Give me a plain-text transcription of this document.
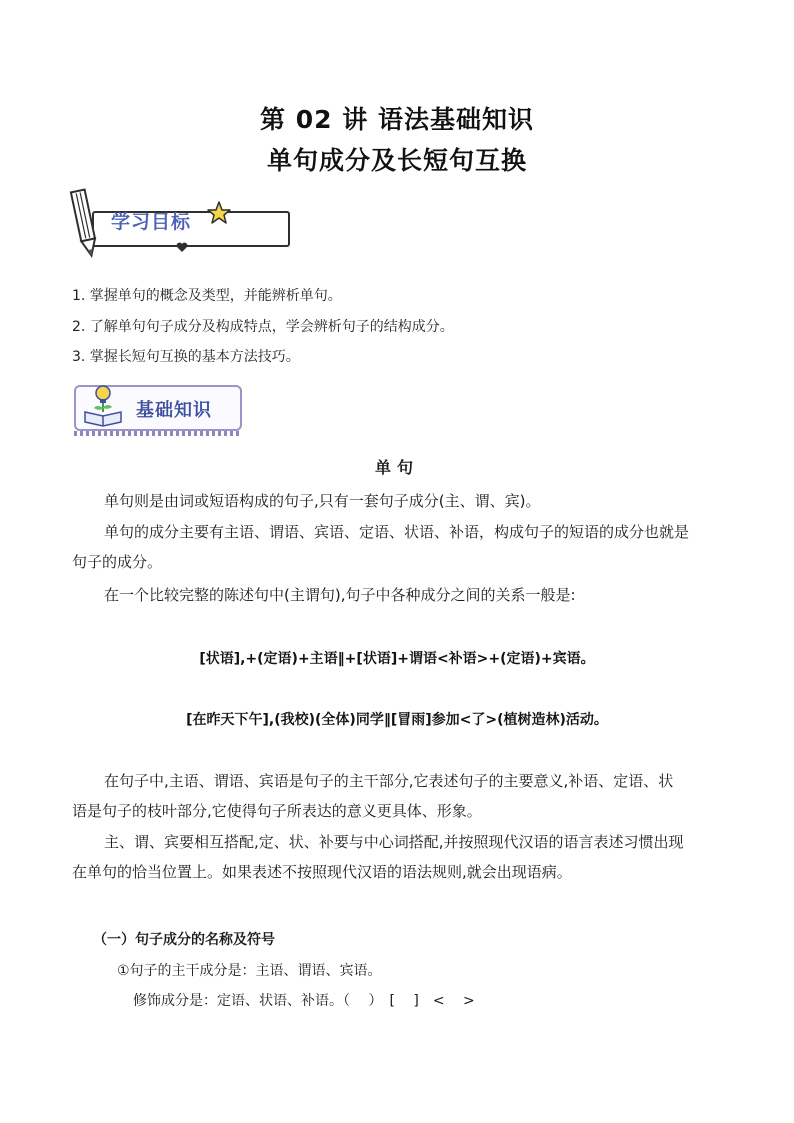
第 02 讲 语法基础知识
单句成分及长短句互换
学习目标
1. 掌握单句的概念及类型，并能辨析单句。
2. 了解单句句子成分及构成特点，学会辨析句子的结构成分。
3. 掌握长短句互换的基本方法技巧。
基础知识
单句
单句则是由词或短语构成的句子,只有一套句子成分(主、谓、宾)。
单句的成分主要有主语、谓语、宾语、定语、状语、补语，构成句子的短语的成分也就是
句子的成分。
在一个比较完整的陈述句中(主谓句),句子中各种成分之间的关系一般是:
[状语],+(定语)+主语‖+[状语]+谓语<补语>+(定语)+宾语。
[在昨天下午],(我校)(全体)同学‖[冒雨]参加<了>(植树造林)活动。
在句子中,主语、谓语、宾语是句子的主干部分,它表述句子的主要意义,补语、定语、状
语是句子的枝叶部分,它使得句子所表达的意义更具体、形象。
主、谓、宾要相互搭配,定、状、补要与中心词搭配,并按照现代汉语的语言表述习惯出现
在单句的恰当位置上。如果表述不按照现代汉语的语法规则,就会出现语病。
（一）句子成分的名称及符号
①句子的主干成分是：主语、谓语、宾语。
修饰成分是：定语、状语、补语。（　 ）　[　 ]　<　 >
